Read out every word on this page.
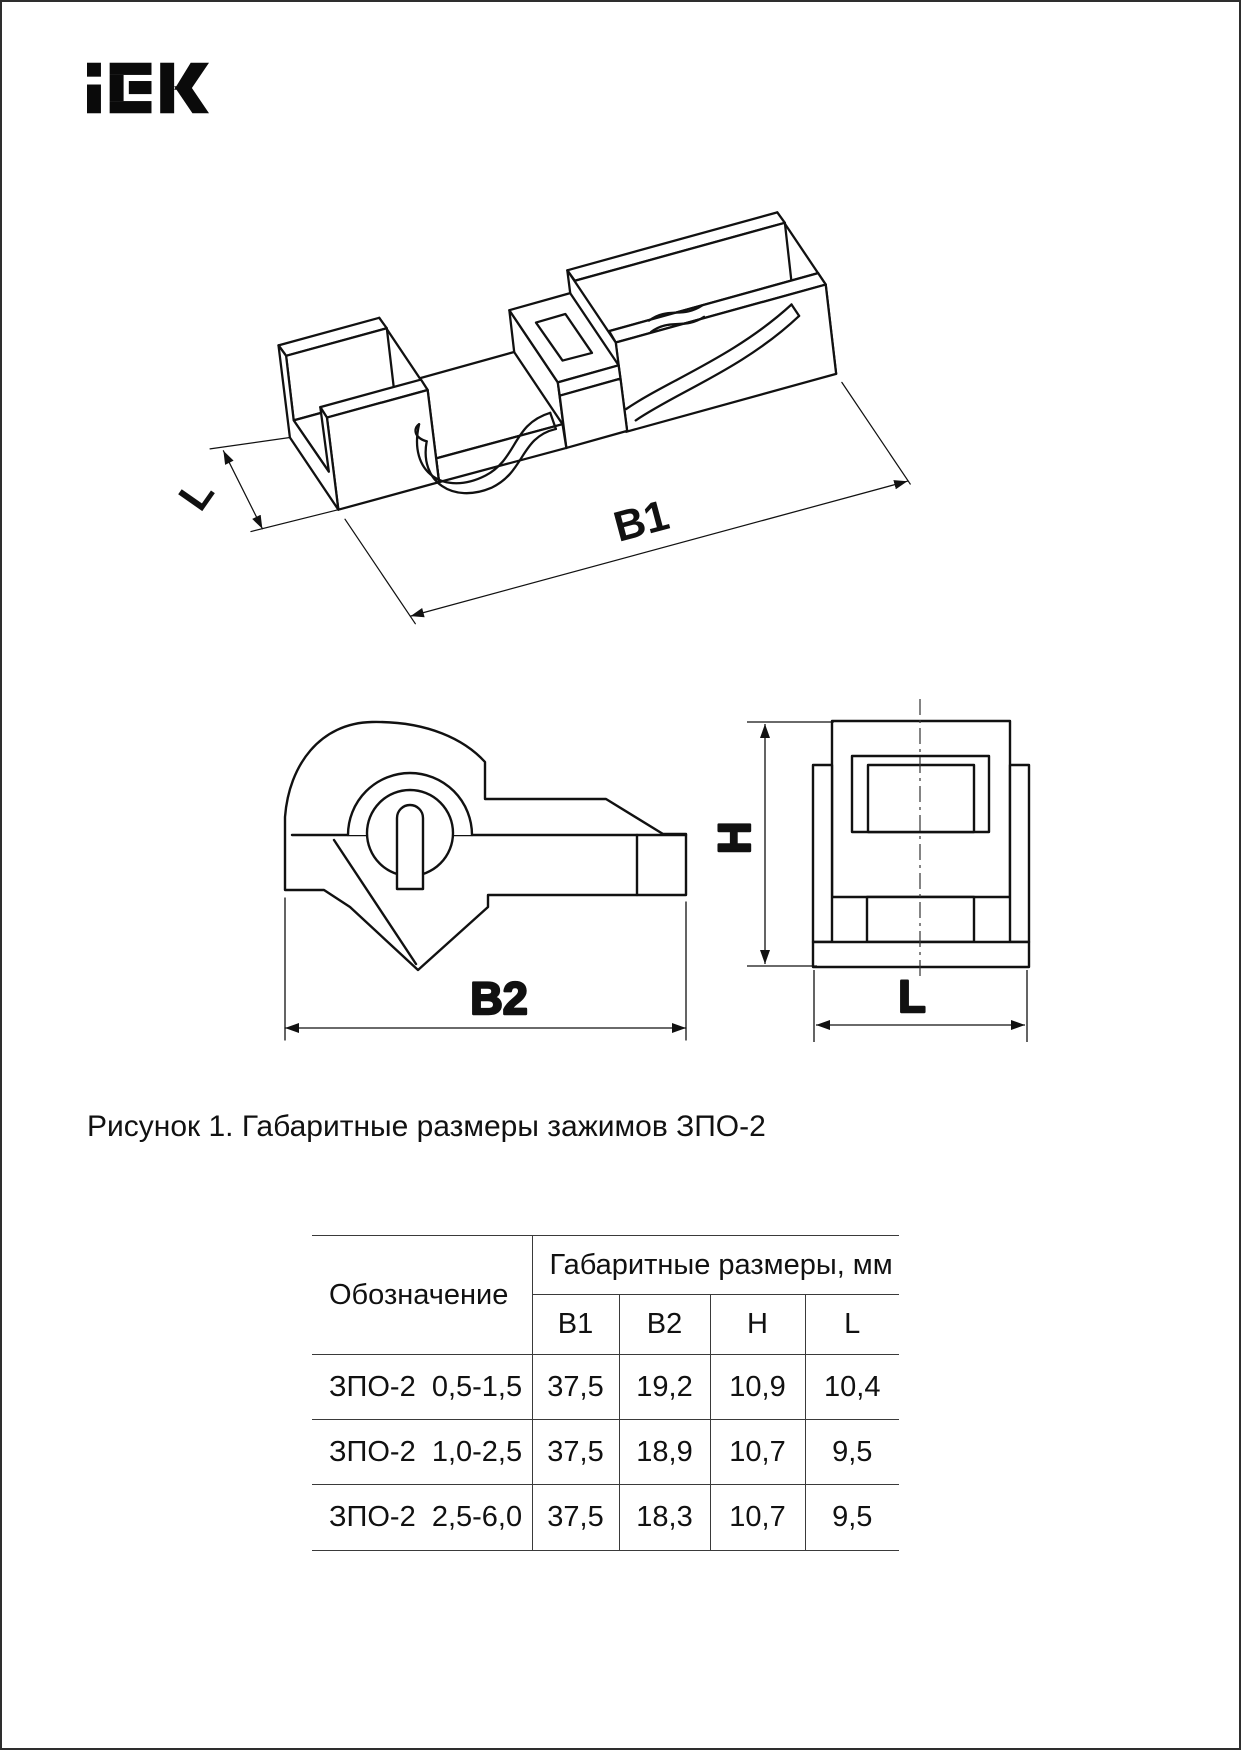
L	B1
B2
H
L
Рисунок 1. Габаритные размеры зажимов ЗПО-2
Обозначение	Габаритные размеры, мм			
	B1	B2	H	L
ЗПО-2  0,5-1,5	37,5	19,2	10,9	10,4
ЗПО-2  1,0-2,5	37,5	18,9	10,7	9,5
ЗПО-2  2,5-6,0	37,5	18,3	10,7	9,5
